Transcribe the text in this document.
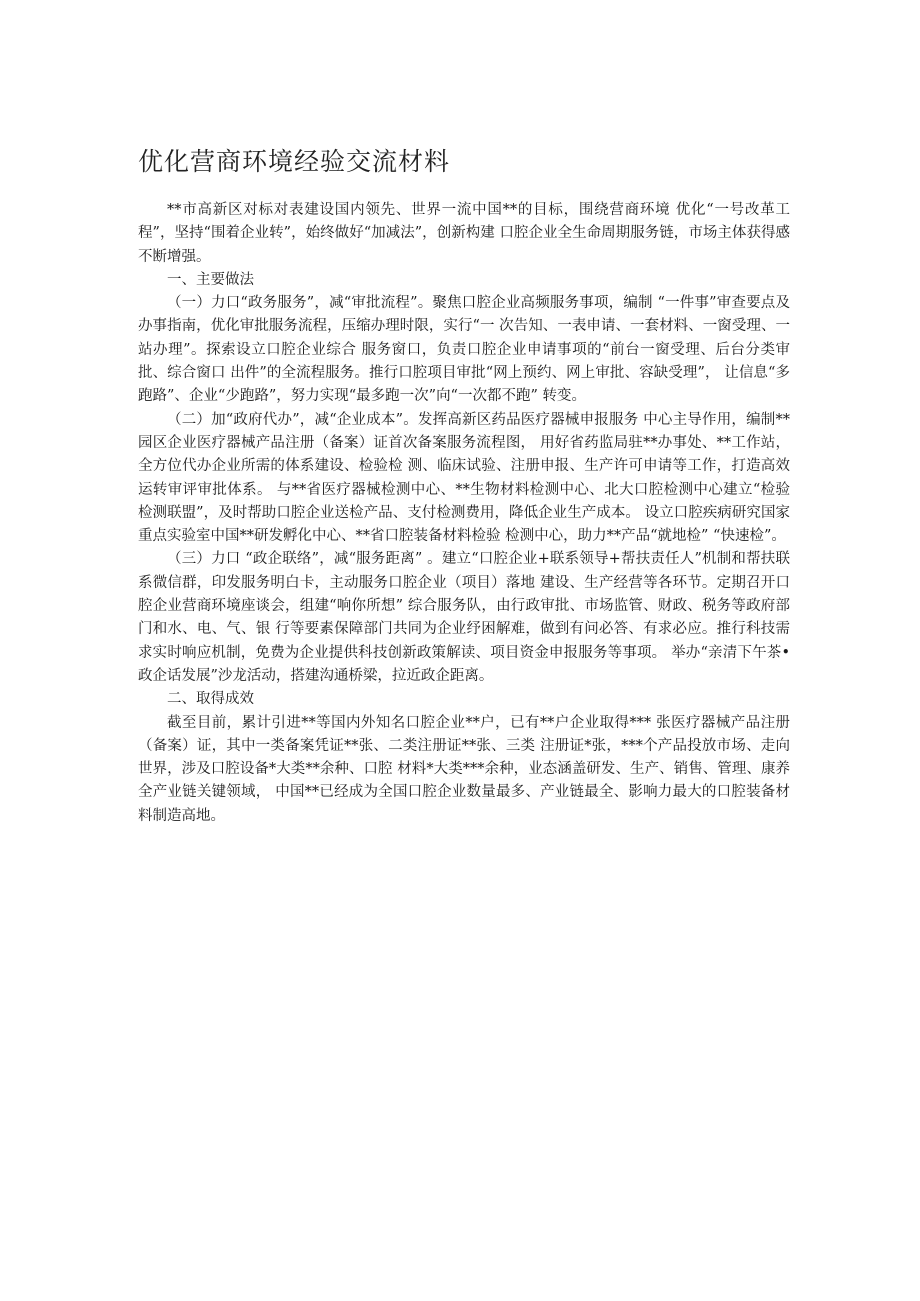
优化营商环境经验交流材料

**市高新区对标对表建设国内领先、世界一流中国**的目标，围绕营商环境 优化“一号改革工程”，坚持“围着企业转”，始终做好“加减法”，创新构建 口腔企业全生命周期服务链，市场主体获得感不断增强。

一、主要做法

（一）力口“政务服务”，减“审批流程”。聚焦口腔企业高频服务事项，编制 “一件事”审查要点及办事指南，优化审批服务流程，压缩办理时限，实行“一 次告知、一表申请、一套材料、一窗受理、一站办理”。探索设立口腔企业综合 服务窗口，负责口腔企业申请事项的“前台一窗受理、后台分类审批、综合窗口 出件”的全流程服务。推行口腔项目审批“网上预约、网上审批、容缺受理”， 让信息“多跑路”、企业“少跑路”，努力实现“最多跑一次”向“一次都不跑” 转变。

（二）加“政府代办”，减“企业成本”。发挥高新区药品医疗器械申报服务 中心主导作用，编制**园区企业医疗器械产品注册（备案）证首次备案服务流程图， 用好省药监局驻**办事处、**工作站，全方位代办企业所需的体系建设、检验检 测、临床试验、注册申报、生产许可申请等工作，打造高效运转审评审批体系。 与**省医疗器械检测中心、**生物材料检测中心、北大口腔检测中心建立“检验 检测联盟”，及时帮助口腔企业送检产品、支付检测费用，降低企业生产成本。 设立口腔疾病研究国家重点实验室中国**研发孵化中心、**省口腔装备材料检验 检测中心，助力**产品“就地检” “快速检”。

（三）力口 “政企联络”，减“服务距离” 。建立“口腔企业+联系领导+帮扶责任人”机制和帮扶联系微信群，印发服务明白卡，主动服务口腔企业（项目）落地 建设、生产经营等各环节。定期召开口腔企业营商环境座谈会，组建“响你所想” 综合服务队，由行政审批、市场监管、财政、税务等政府部门和水、电、气、银 行等要素保障部门共同为企业纾困解难，做到有问必答、有求必应。推行科技需 求实时响应机制，免费为企业提供科技创新政策解读、项目资金申报服务等事项。 举办“亲清下午茶•政企话发展”沙龙活动，搭建沟通桥梁，拉近政企距离。

二、取得成效

截至目前，累计引进**等国内外知名口腔企业**户，已有**户企业取得*** 张医疗器械产品注册（备案）证，其中一类备案凭证**张、二类注册证**张、三类 注册证*张，***个产品投放市场、走向世界，涉及口腔设备*大类**余种、口腔 材料*大类***余种，业态涵盖研发、生产、销售、管理、康养全产业链关键领域， 中国**已经成为全国口腔企业数量最多、产业链最全、影响力最大的口腔装备材 料制造高地。
